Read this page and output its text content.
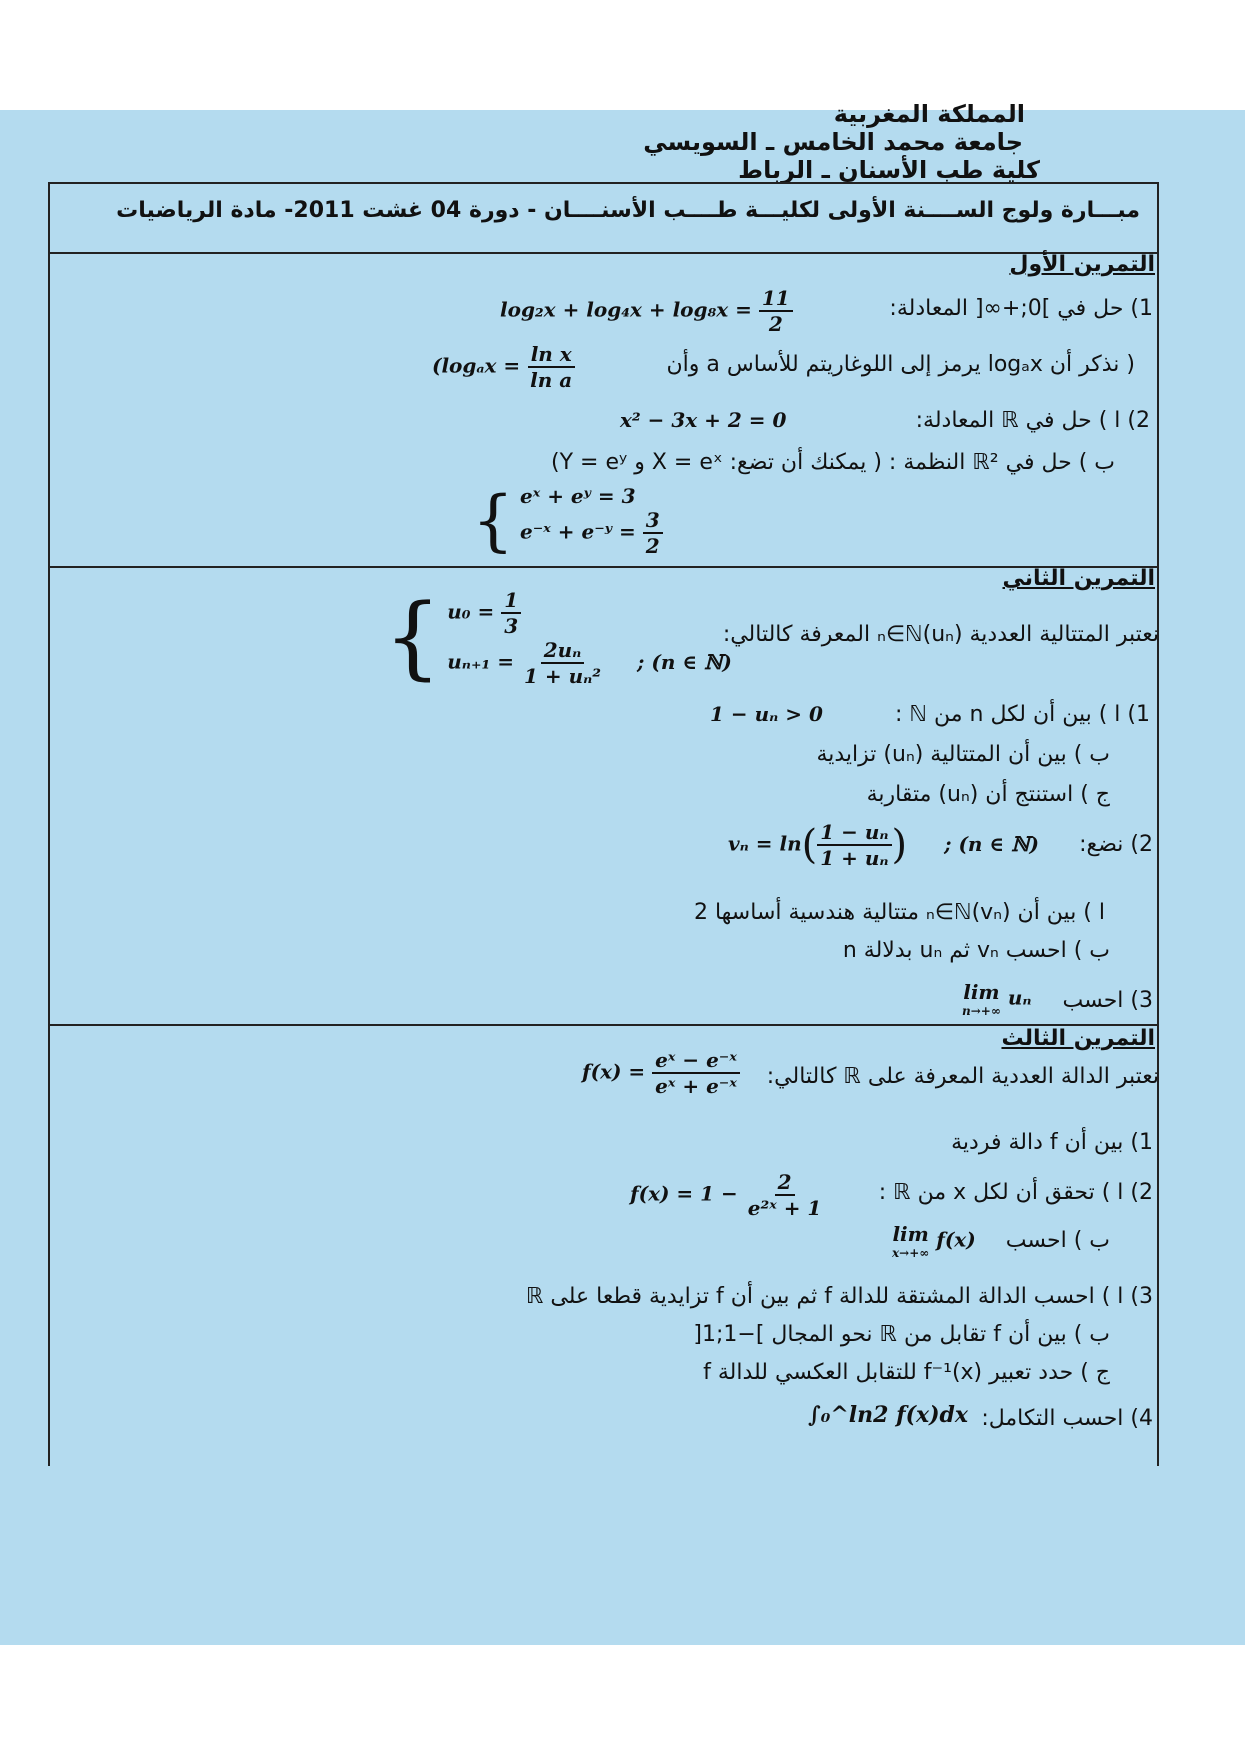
المملكة المغربية
جامعة محمد الخامس ـ السويسي
كلية طب الأسنان ـ الرباط
مبـــارة ولوج الســــنة الأولى لكليـــة طــــب الأسنــــان - دورة 04 غشت 2011- مادة الرياضيات
التمرين الأول
1) حل في ]0;+∞[ المعادلة:
$\log_2x + \log_4x + \log_8x = \frac{11}{2}$
( نذكر أن logₐx يرمز إلى اللوغاريتم للأساس a وأن
($\log_ax = \frac{\text{ln x}}{\text{ln a}}$
2) ا ) حل في ℝ المعادلة:
x² − 3x + 2 = 0
ب ) حل في ℝ² النظمة : ( يمكنك أن تضع: X = eˣ و Y = eʸ)
{ eˣ + eʸ = 3
e⁻ˣ + e⁻ʸ = $\frac{3}{2}$
التمرين الثاني
{ $u_0 = \frac{1}{3}$
$u_{n+1} = \frac{\text{2uₙ}}{\text{1 + uₙ²}}$ ; (n ∈ ℕ)
نعتبر المتتالية العددية (uₙ)ₙ∈ℕ المعرفة كالتالي:
1) ا ) بين أن لكل n من ℕ :
1 − uₙ > 0
ب ) بين أن المتتالية (uₙ) تزايدية
ج ) استنتج أن (uₙ) متقاربة
2) نضع:
$v_n = \ln( \frac{\text{1 − uₙ}}{\text{1 + uₙ}}$ ) ; (n ∈ ℕ)
ا ) بين أن (vₙ)ₙ∈ℕ متتالية هندسية أساسها 2
ب ) احسب vₙ ثم uₙ بدلالة n
3) احسب
lim
n→+∞
uₙ
التمرين الثالث
نعتبر الدالة العددية المعرفة على ℝ كالتالي:
$f(x) = \frac{\text{eˣ − e⁻ˣ}}{\text{eˣ + e⁻ˣ}}$
1) بين أن f دالة فردية
2) ا ) تحقق أن لكل x من ℝ :
$f(x) = 1 - \frac{2}{\text{e²ˣ + 1}}$
ب ) احسب
lim
x→+∞
f(x)
3) ا ) احسب الدالة المشتقة للدالة f ثم بين أن f تزايدية قطعا على ℝ
ب ) بين أن f تقابل من ℝ نحو المجال ]−1;1[
ج ) حدد تعبير f⁻¹(x) للتقابل العكسي للدالة f
4) احسب التكامل:
∫₀^ln2 f(x)dx
